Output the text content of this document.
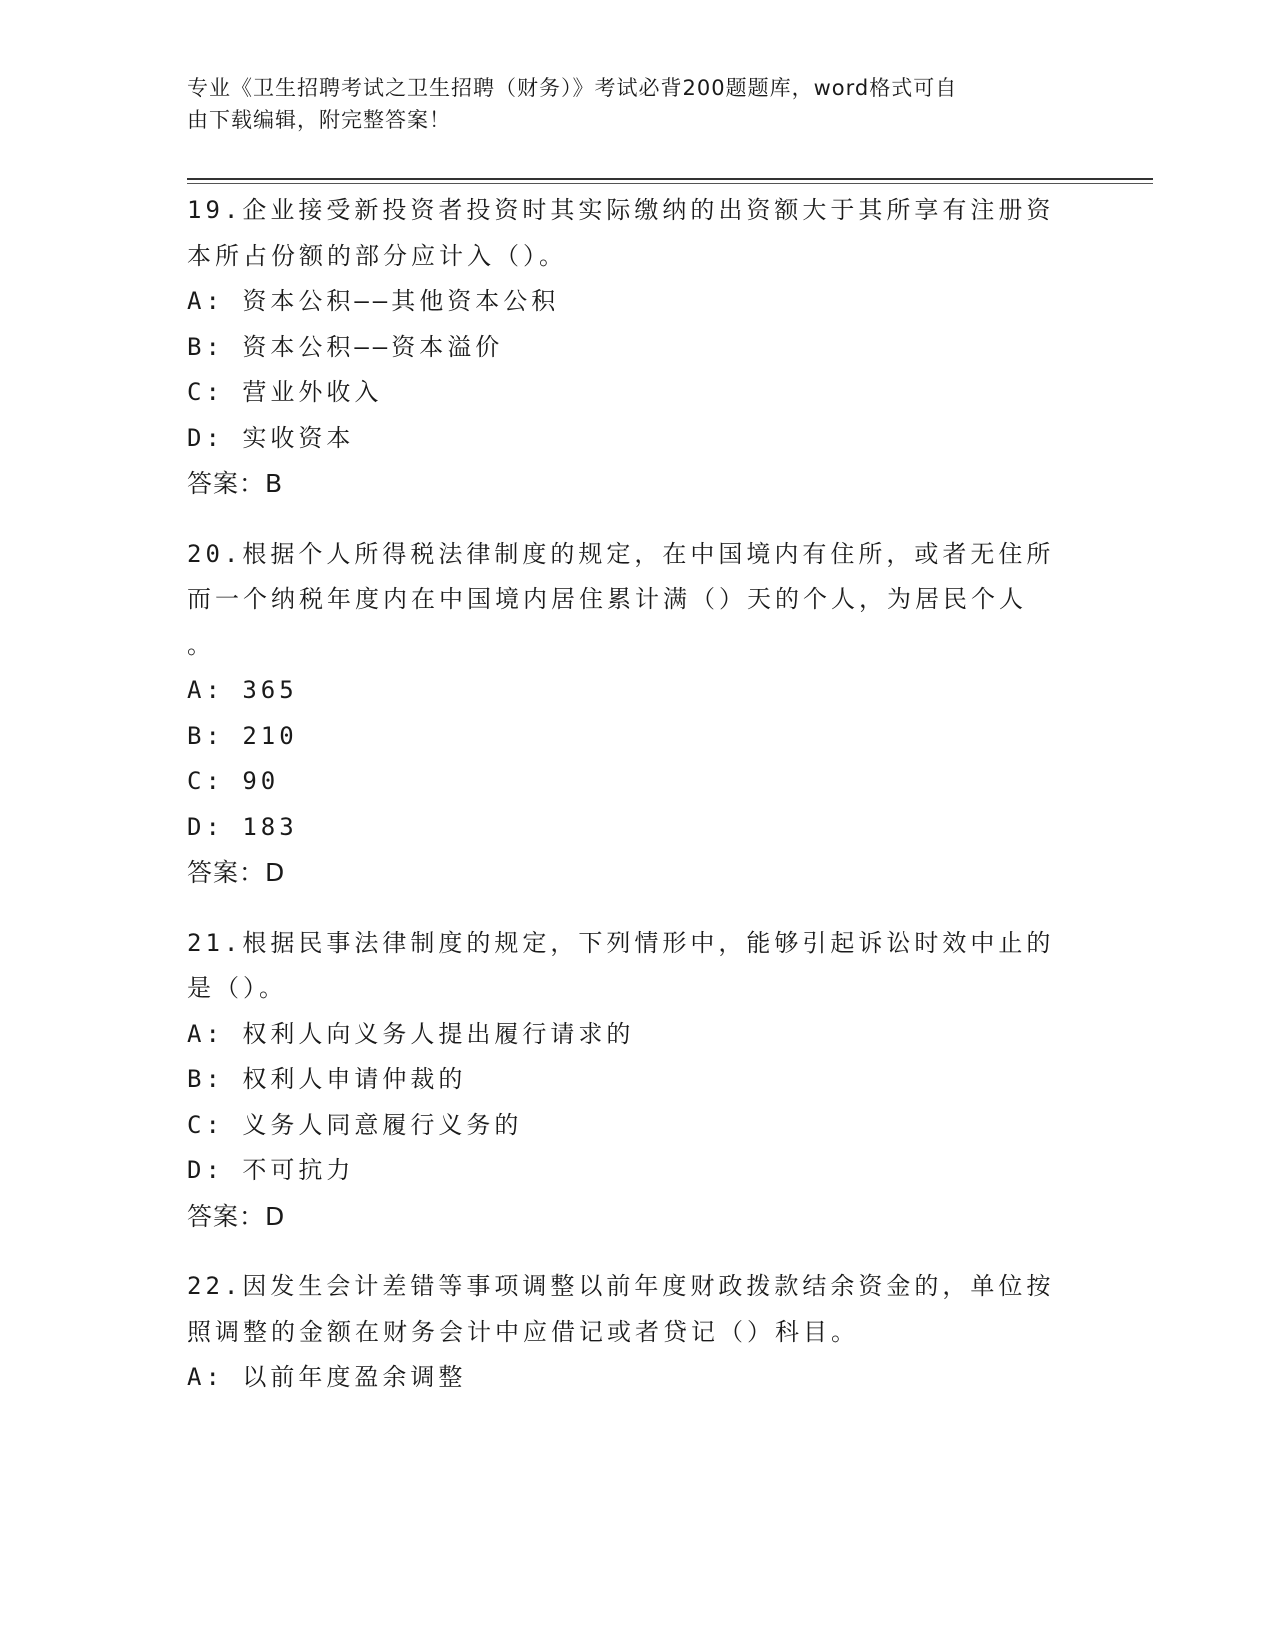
专业《卫生招聘考试之卫生招聘（财务）》考试必背200题题库，word格式可自
由下载编辑，附完整答案！
19.企业接受新投资者投资时其实际缴纳的出资额大于其所享有注册资
本所占份额的部分应计入（）。
A: 资本公积——其他资本公积
B: 资本公积——资本溢价
C: 营业外收入
D: 实收资本
答案：B
20.根据个人所得税法律制度的规定，在中国境内有住所，或者无住所
而一个纳税年度内在中国境内居住累计满（）天的个人，为居民个人
。
A: 365
B: 210
C: 90
D: 183
答案：D
21.根据民事法律制度的规定，下列情形中，能够引起诉讼时效中止的
是（）。
A: 权利人向义务人提出履行请求的
B: 权利人申请仲裁的
C: 义务人同意履行义务的
D: 不可抗力
答案：D
22.因发生会计差错等事项调整以前年度财政拨款结余资金的，单位按
照调整的金额在财务会计中应借记或者贷记（）科目。
A: 以前年度盈余调整
